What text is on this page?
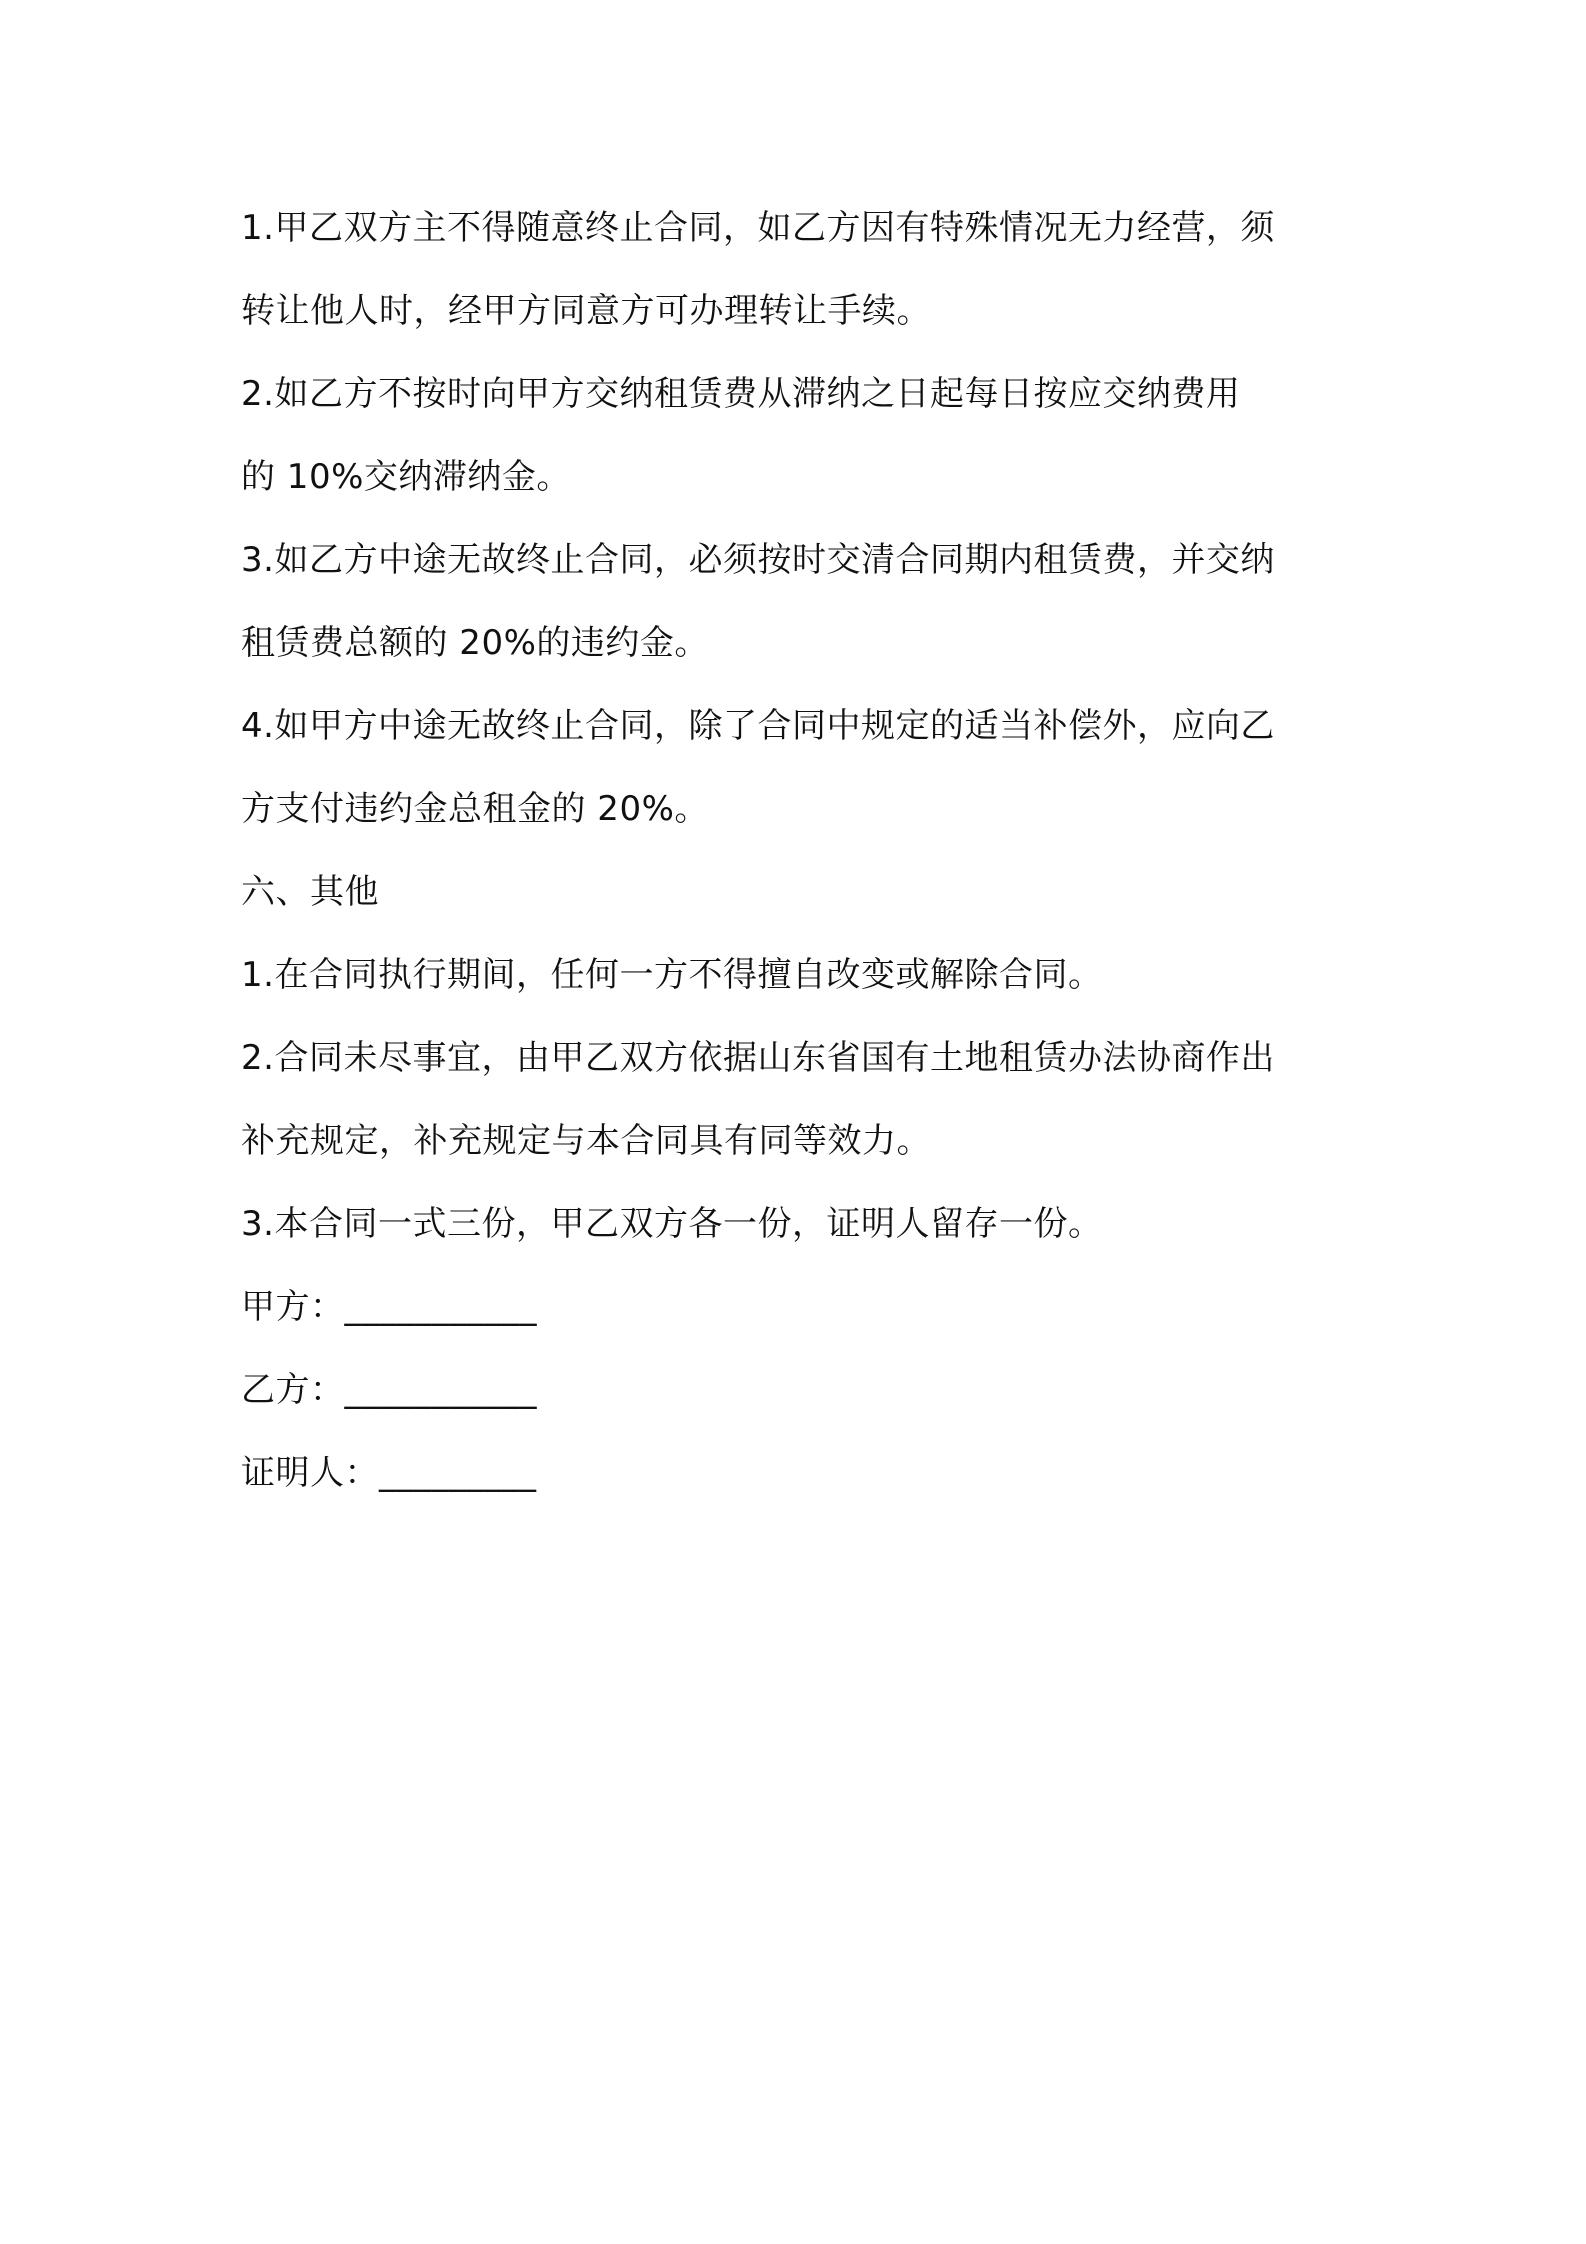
1.甲乙双方主不得随意终止合同，如乙方因有特殊情况无力经营，须
转让他人时，经甲方同意方可办理转让手续。
2.如乙方不按时向甲方交纳租赁费从滞纳之日起每日按应交纳费用
的 10%交纳滞纳金。
3.如乙方中途无故终止合同，必须按时交清合同期内租赁费，并交纳
租赁费总额的 20%的违约金。
4.如甲方中途无故终止合同，除了合同中规定的适当补偿外，应向乙
方支付违约金总租金的 20%。
六、其他
1.在合同执行期间，任何一方不得擅自改变或解除合同。
2.合同未尽事宜，由甲乙双方依据山东省国有土地租赁办法协商作出
补充规定，补充规定与本合同具有同等效力。
3.本合同一式三份，甲乙双方各一份，证明人留存一份。
甲方：___________
乙方：___________
证明人：_________
